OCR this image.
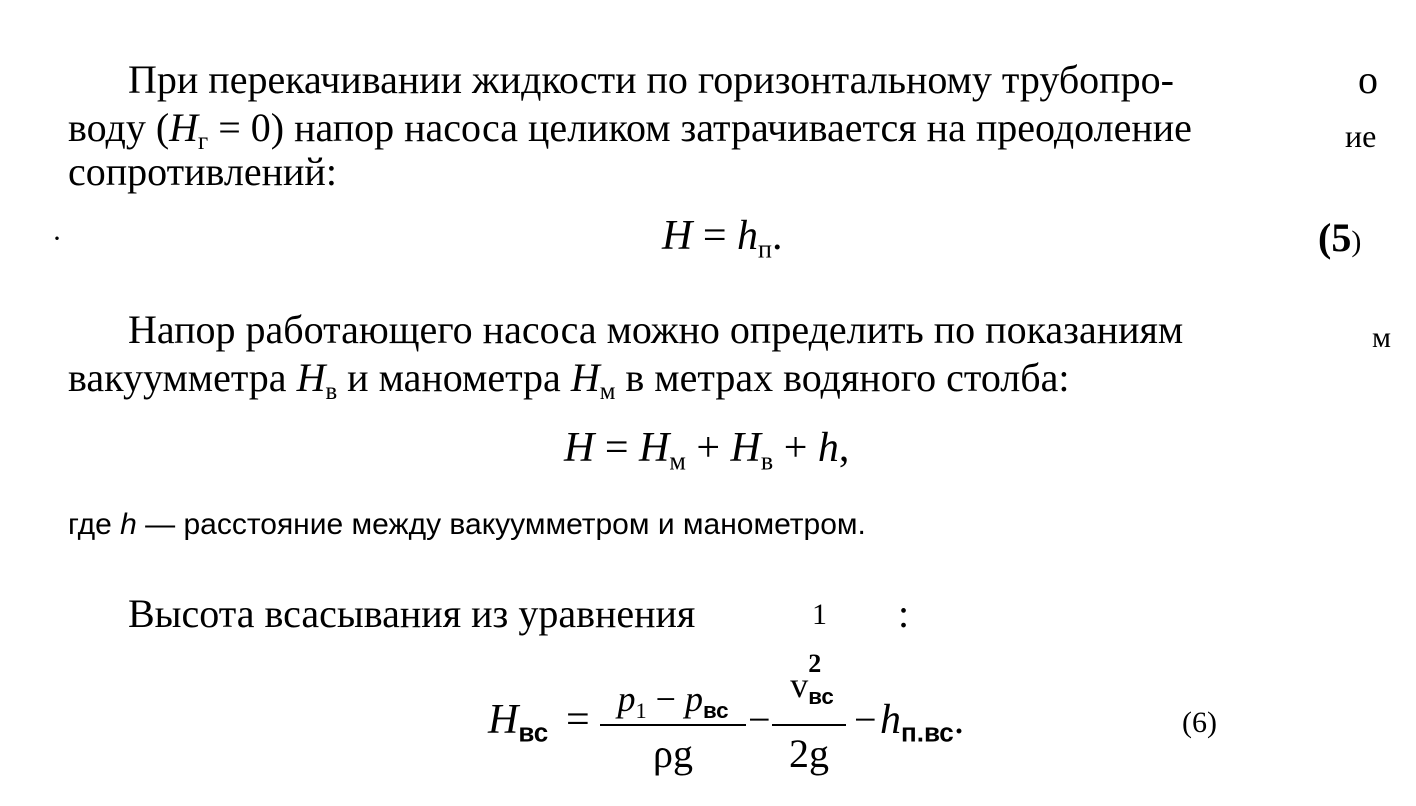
При перекачивании жидкости по горизонтальному трубопро-	о
воду $(H_г = 0)$ напор насоса целиком затрачивается на преодоление	ие
сопротивлений:
·	$H = h_п$.	(5)
Напор работающего насоса можно определить по показаниям	м
вакуумметра $H_в$ и манометра $H_м$ в метрах водяного столба:
$H = H_м + H_в + h$,
где h — расстояние между вакуумметром и манометром.
Высота всасывания из уравнения	1 :
$H_{вс} = p_1 - p_{вс}$
ρg
−
v
2
$_{вс}$
2g
− $h_{п.вс}$.	(6)
